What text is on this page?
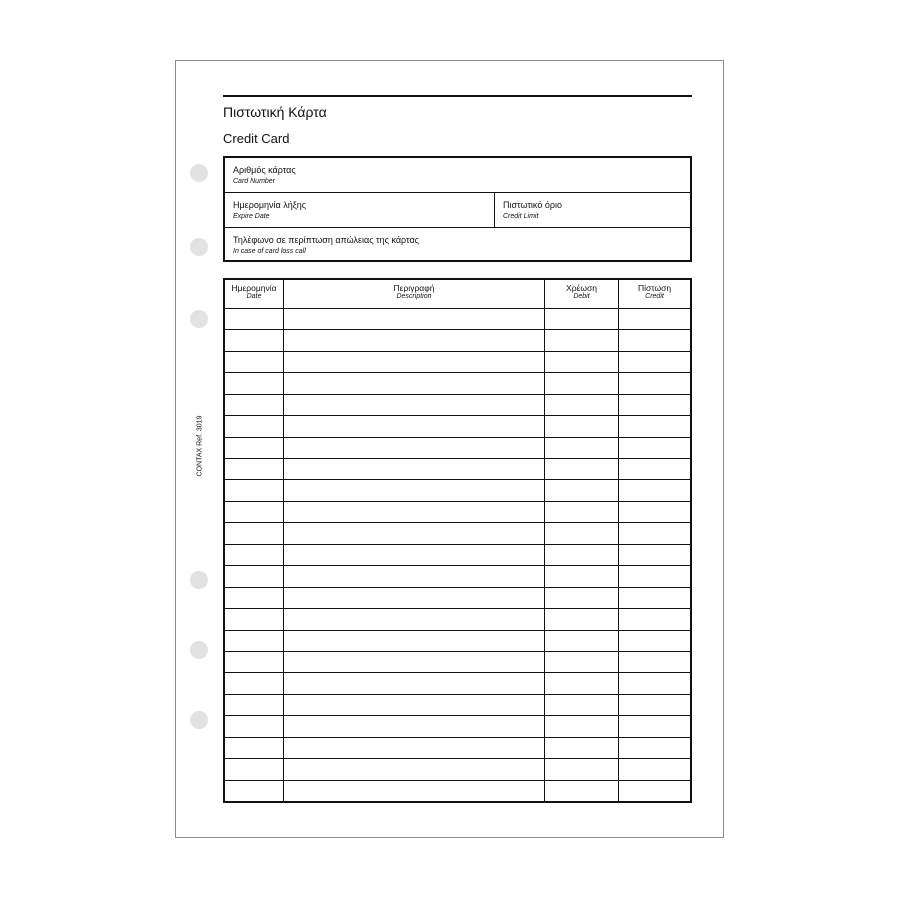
CONTAX Ref. 3019
Πιστωτική Κάρτα
Credit Card
Αριθμός κάρτας
Card Number
Ημερομηνία λήξης
Expire Date
Πιστωτικό όριο
Credit Limit
Τηλέφωνο σε περίπτωση απώλειας της κάρτας
In case of card loss call
Ημερομηνία
Date
Περιγραφή
Description
Χρέωση
Debit
Πίστωση
Credit
